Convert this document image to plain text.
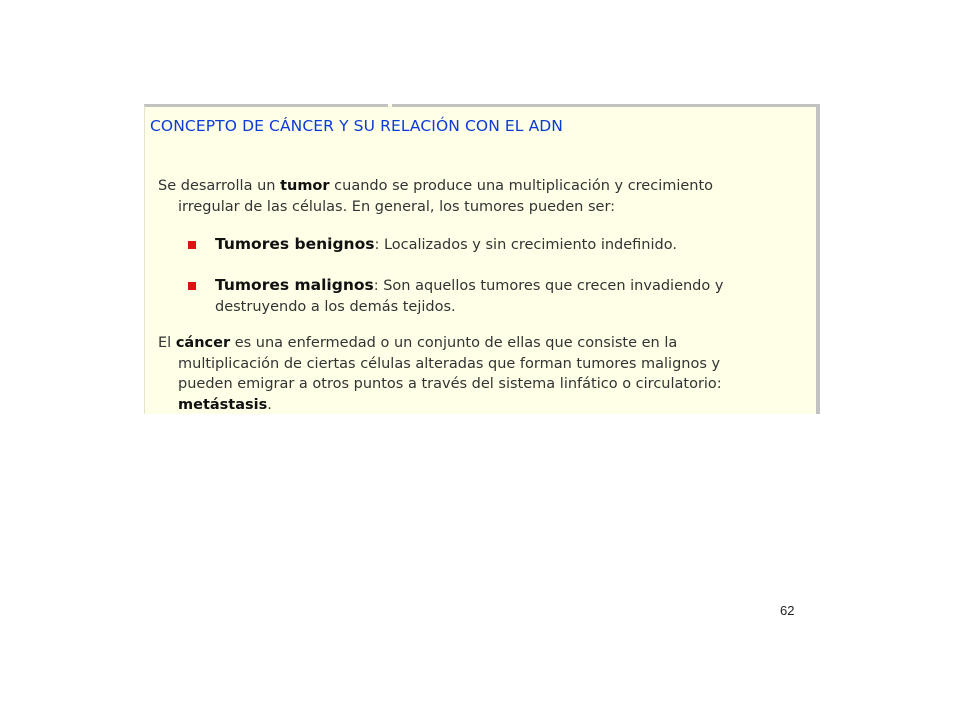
CONCEPTO DE CÁNCER Y SU RELACIÓN CON EL ADN

Se desarrolla un tumor cuando se produce una multiplicación y crecimiento
irregular de las células. En general, los tumores pueden ser:

Tumores benignos: Localizados y sin crecimiento indefinido.
Tumores malignos: Son aquellos tumores que crecen invadiendo y destruyendo a los demás tejidos.

El cáncer es una enfermedad o un conjunto de ellas que consiste en la
multiplicación de ciertas células alteradas que forman tumores malignos y
pueden emigrar a otros puntos a través del sistema linfático o circulatorio:
metástasis.

62
